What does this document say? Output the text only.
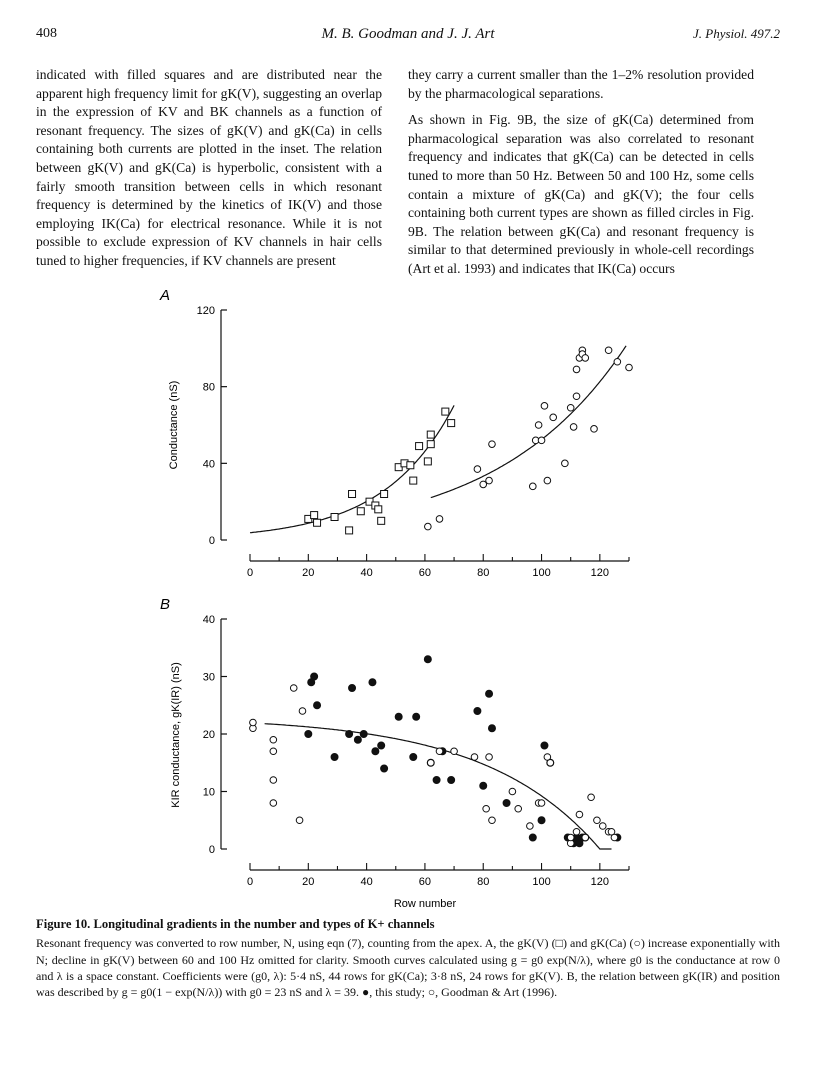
408	M. B. Goodman and J. J. Art	J. Physiol. 497.2

indicated with filled squares and are distributed near the apparent high frequency limit for gK(V), suggesting an overlap in the expression of KV and BK channels as a function of resonant frequency. The sizes of gK(V) and gK(Ca) in cells containing both currents are plotted in the inset. The relation between gK(V) and gK(Ca) is hyperbolic, consistent with a fairly smooth transition between cells in which resonant frequency is determined by the kinetics of IK(V) and those employing IK(Ca) for electrical resonance. While it is not possible to exclude expression of KV channels in hair cells tuned to higher frequencies, if KV channels are present

they carry a current smaller than the 1–2% resolution provided by the pharmacological separations.

As shown in Fig. 9B, the size of gK(Ca) determined from pharmacological separation was also correlated to resonant frequency and indicates that gK(Ca) can be detected in cells tuned to more than 50 Hz. Between 50 and 100 Hz, some cells contain a mixture of gK(Ca) and gK(V); the four cells containing both current types are shown as filled circles in Fig. 9B. The relation between gK(Ca) and resonant frequency is similar to that determined previously in whole-cell recordings (Art et al. 1993) and indicates that IK(Ca) occurs

A
B
Conductance (nS)
KIR conductance, gK(IR) (nS)
Row number
0
40
80
120
0	20	40	60	80	100	120
0
10
20
30
40
0	20	40	60	80	100	120
Figure 10. Longitudinal gradients in the number and types of K+ channels
Resonant frequency was converted to row number, N, using eqn (7), counting from the apex. A, the gK(V) (□) and gK(Ca) (○) increase exponentially with N; decline in gK(V) between 60 and 100 Hz omitted for clarity. Smooth curves calculated using g = g0 exp(N/λ), where g0 is the conductance at row 0 and λ is a space constant. Coefficients were (g0, λ): 5·4 nS, 44 rows for gK(Ca); 3·8 nS, 24 rows for gK(V). B, the relation between gK(IR) and position was described by g = g0(1 − exp(N/λ)) with g0 = 23 nS and λ = 39. ●, this study; ○, Goodman & Art (1996).
